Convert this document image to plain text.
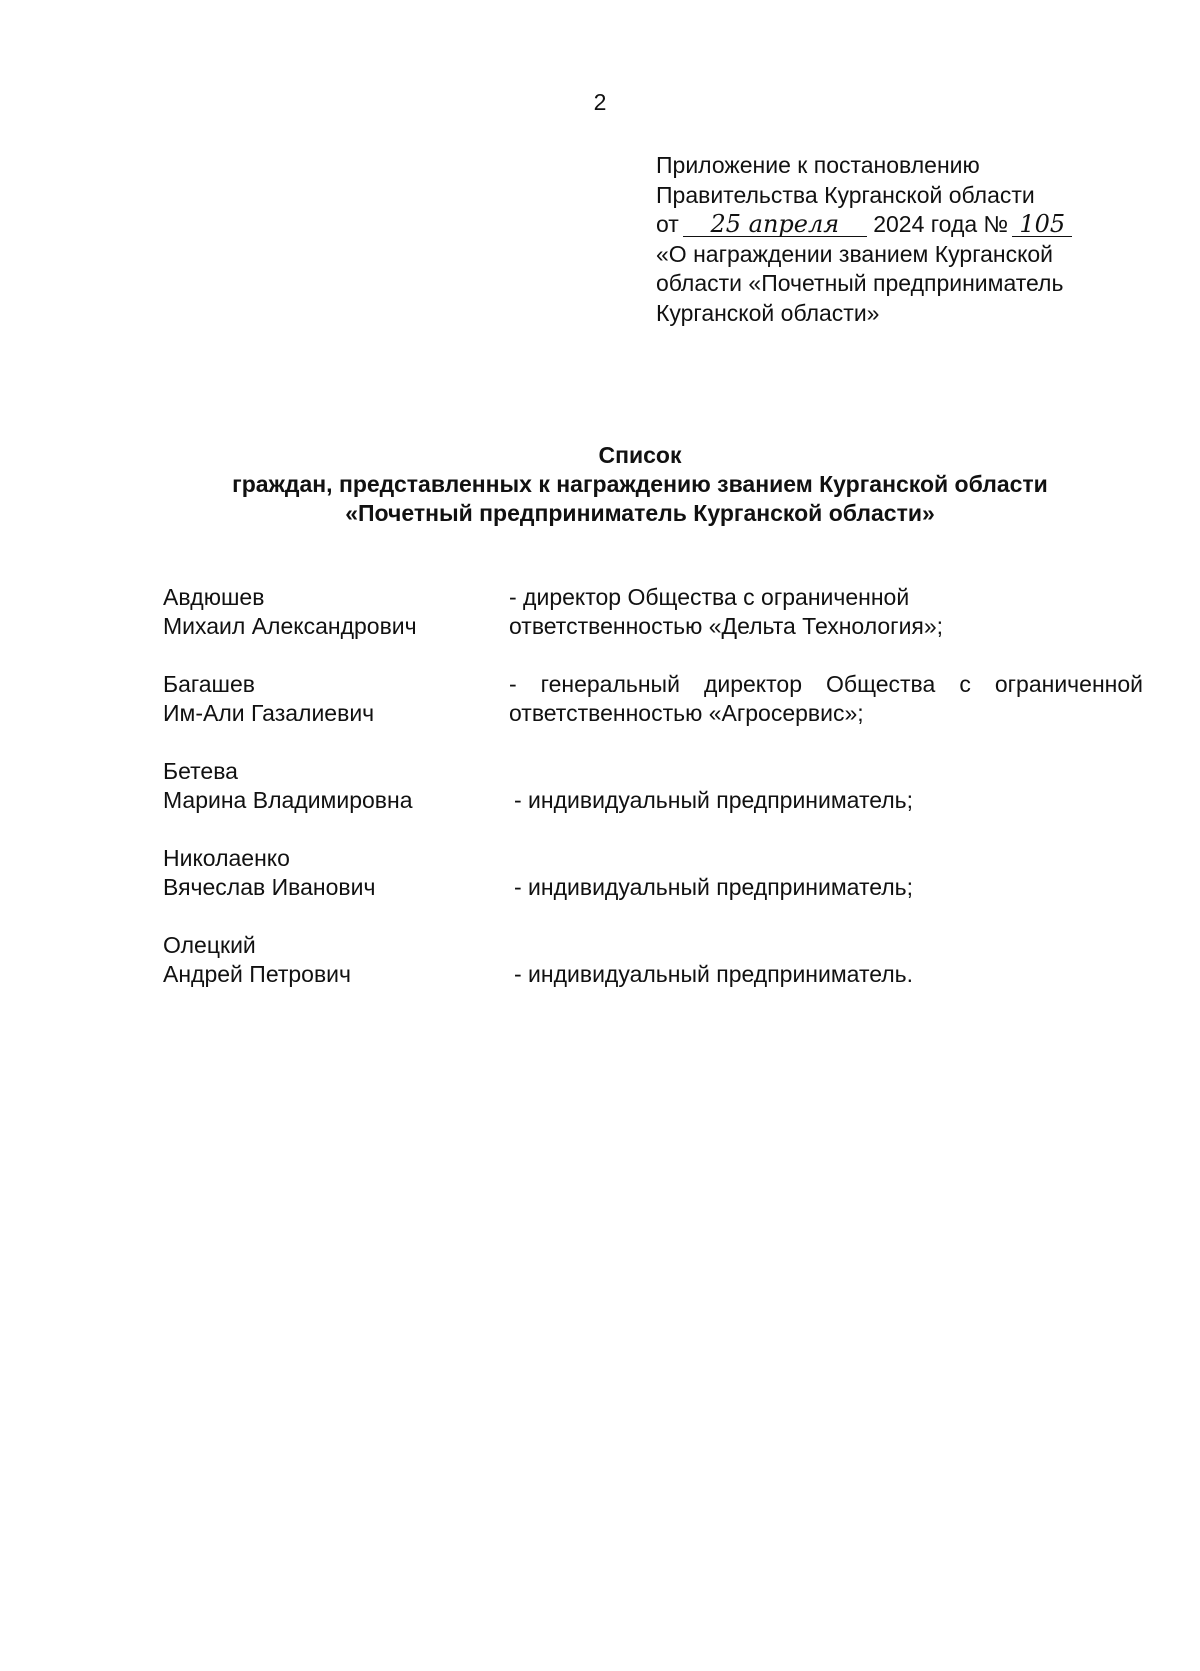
2
Приложение к постановлению
Правительства Курганской области
от 25 апреля 2024 года № 105
«О награждении званием Курганской
области «Почетный предприниматель
Курганской области»
Список
граждан, представленных к награждению званием Курганской области
«Почетный предприниматель Курганской области»
Авдюшев
Михаил Александрович
- директор Общества с ограниченной ответственностью «Дельта Технология»;
Багашев
Им-Али Газалиевич
- генеральный директор Общества с ограниченной ответственностью «Агросервис»;
Бетева
Марина Владимировна	- индивидуальный предприниматель;
Николаенко
Вячеслав Иванович	- индивидуальный предприниматель;
Олецкий
Андрей Петрович	- индивидуальный предприниматель.
